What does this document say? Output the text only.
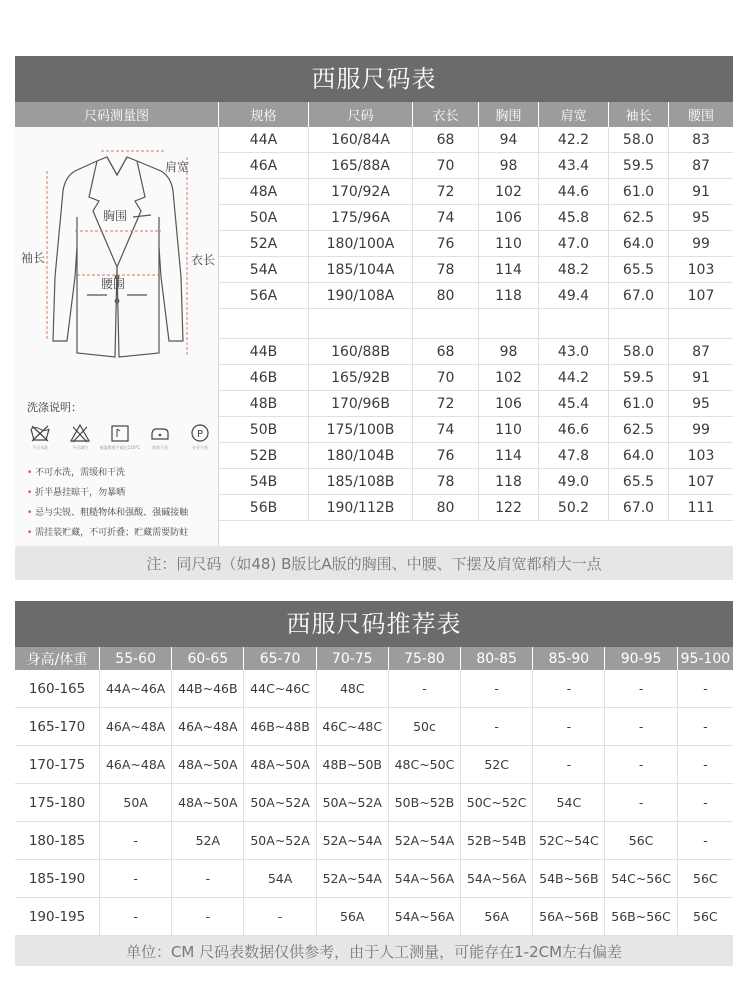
西服尺码表
尺码测量图	规格	尺码	衣长	胸围	肩宽	袖长	腰围
肩宽
胸围
袖长	衣长
腰围
洗涤说明：
不可水洗	不可漂白	低温熨烫不超过110°C	常规干洗
P
专业干洗
• 不可水洗，需缓和干洗
• 折半悬挂晾干，勿暴晒
• 忌与尖锐、粗糙物体和强酸、强碱接触
• 需挂装贮藏，不可折叠；贮藏需要防蛀
44A	160/84A	68	94	42.2	58.0	83
46A	165/88A	70	98	43.4	59.5	87
48A	170/92A	72	102	44.6	61.0	91
50A	175/96A	74	106	45.8	62.5	95
52A	180/100A	76	110	47.0	64.0	99
54A	185/104A	78	114	48.2	65.5	103
56A	190/108A	80	118	49.4	67.0	107
44B	160/88B	68	98	43.0	58.0	87
46B	165/92B	70	102	44.2	59.5	91
48B	170/96B	72	106	45.4	61.0	95
50B	175/100B	74	110	46.6	62.5	99
52B	180/104B	76	114	47.8	64.0	103
54B	185/108B	78	118	49.0	65.5	107
56B	190/112B	80	122	50.2	67.0	111
注：同尺码（如48) B版比A版的胸围、中腰、下摆及肩宽都稍大一点
西服尺码推荐表
身高/体重	55-60	60-65	65-70	70-75	75-80	80-85	85-90	90-95	95-100
160-165	44A~46A	44B~46B	44C~46C	48C	-	-	-	-	-
165-170	46A~48A	46A~48A	46B~48B	46C~48C	50c	-	-	-	-
170-175	46A~48A	48A~50A	48A~50A	48B~50B	48C~50C	52C	-	-	-
175-180	50A	48A~50A	50A~52A	50A~52A	50B~52B	50C~52C	54C	-	-
180-185	-	52A	50A~52A	52A~54A	52A~54A	52B~54B	52C~54C	56C	-
185-190	-	-	54A	52A~54A	54A~56A	54A~56A	54B~56B	54C~56C	56C
190-195	-	-	-	56A	54A~56A	56A	56A~56B	56B~56C	56C
单位：CM 尺码表数据仅供参考，由于人工测量，可能存在1-2CM左右偏差
